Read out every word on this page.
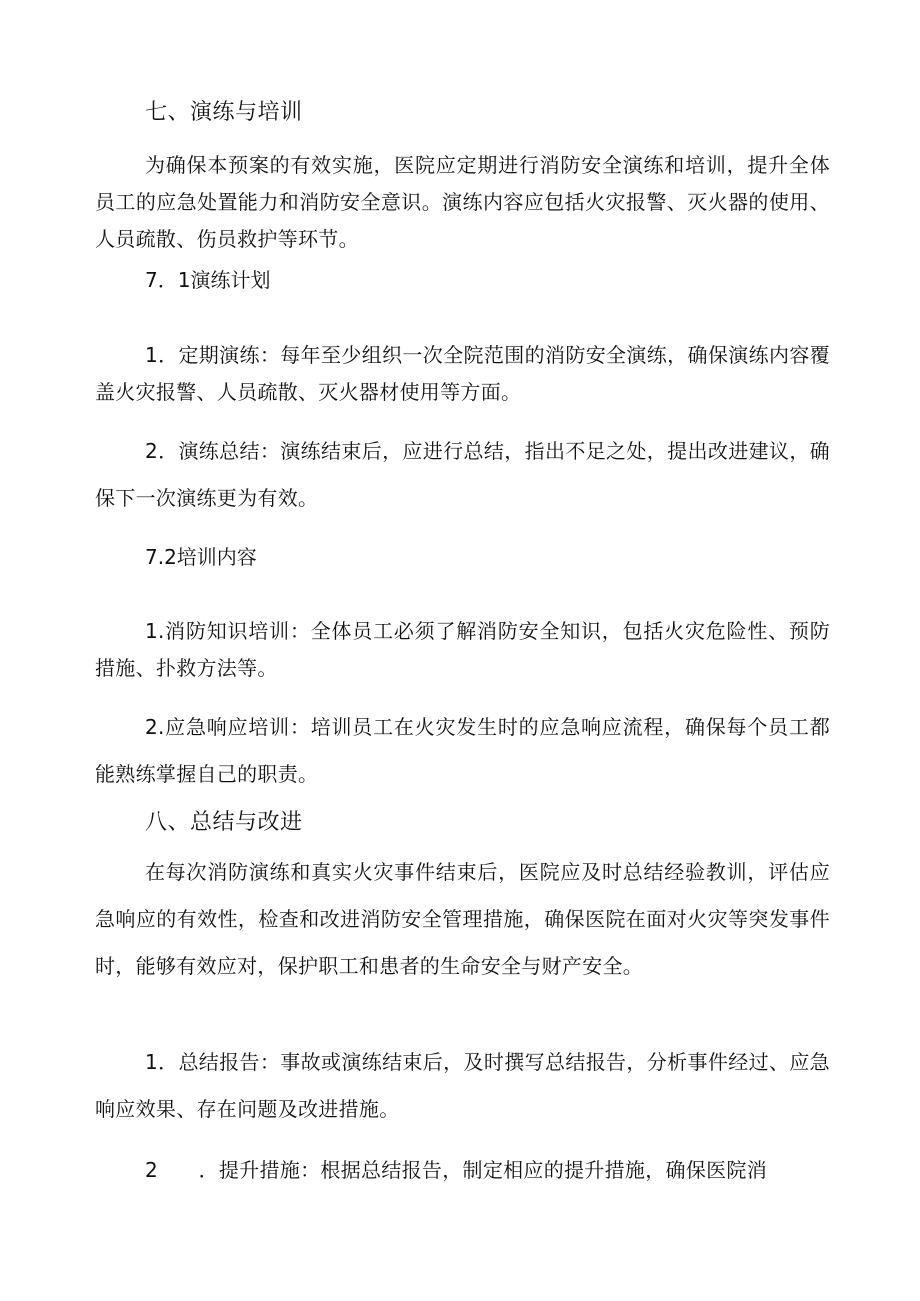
七、演练与培训
为确保本预案的有效实施，医院应定期进行消防安全演练和培训，提升全体员工的应急处置能力和消防安全意识。演练内容应包括火灾报警、灭火器的使用、人员疏散、伤员救护等环节。
7．1演练计划
1．定期演练：每年至少组织一次全院范围的消防安全演练，确保演练内容覆盖火灾报警、人员疏散、灭火器材使用等方面。
2．演练总结：演练结束后，应进行总结，指出不足之处，提出改进建议，确保下一次演练更为有效。
7.2培训内容
1.消防知识培训：全体员工必须了解消防安全知识，包括火灾危险性、预防措施、扑救方法等。
2.应急响应培训：培训员工在火灾发生时的应急响应流程，确保每个员工都能熟练掌握自己的职责。
八、总结与改进
在每次消防演练和真实火灾事件结束后，医院应及时总结经验教训，评估应急响应的有效性，检查和改进消防安全管理措施，确保医院在面对火灾等突发事件时，能够有效应对，保护职工和患者的生命安全与财产安全。
1．总结报告：事故或演练结束后，及时撰写总结报告，分析事件经过、应急响应效果、存在问题及改进措施。
2　　．提升措施：根据总结报告，制定相应的提升措施，确保医院消
